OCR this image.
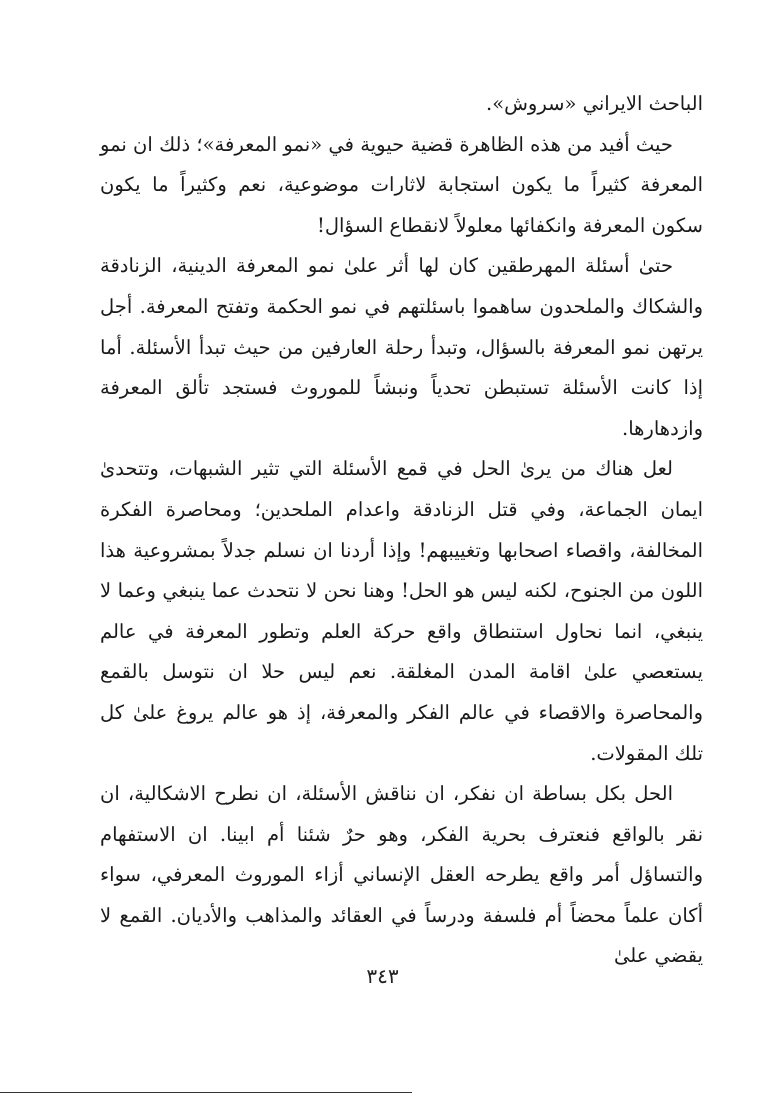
الباحث الايراني «سروش».

حيث أفيد من هذه الظاهرة قضية حيوية في «نمو المعرفة»؛ ذلك ان نمو المعرفة كثيراً ما يكون استجابة لاثارات موضوعية، نعم وكثيراً ما يكون سكون المعرفة وانكفائها معلولاً لانقطاع السؤال!

حتىٰ أسئلة المهرطقين كان لها أثر علىٰ نمو المعرفة الدينية، الزنادقة والشكاك والملحدون ساهموا باسئلتهم في نمو الحكمة وتفتح المعرفة. أجل يرتهن نمو المعرفة بالسؤال، وتبدأ رحلة العارفين من حيث تبدأ الأسئلة. أما إذا كانت الأسئلة تستبطن تحدياً ونبشاً للموروث فستجد تألق المعرفة وازدهارها.

لعل هناك من يرىٰ الحل في قمع الأسئلة التي تثير الشبهات، وتتحدىٰ ايمان الجماعة، وفي قتل الزنادقة واعدام الملحدين؛ ومحاصرة الفكرة المخالفة، واقصاء اصحابها وتغييبهم! وإذا أردنا ان نسلم جدلاً بمشروعية هذا اللون من الجنوح، لكنه ليس هو الحل! وهنا نحن لا نتحدث عما ينبغي وعما لا ينبغي، انما نحاول استنطاق واقع حركة العلم وتطور المعرفة في عالم يستعصي علىٰ اقامة المدن المغلقة. نعم ليس حلا ان نتوسل بالقمع والمحاصرة والاقصاء في عالم الفكر والمعرفة، إذ هو عالم يروغ علىٰ كل تلك المقولات.

الحل بكل بساطة ان نفكر، ان نناقش الأسئلة، ان نطرح الاشكالية، ان نقر بالواقع فنعترف بحرية الفكر، وهو حرٌ شئنا أم ابينا. ان الاستفهام والتساؤل أمر واقع يطرحه العقل الإنساني أزاء الموروث المعرفي، سواء أكان علماً محضاً أم فلسفة ودرساً في العقائد والمذاهب والأديان. القمع لا يقضي علىٰ

٣٤٣
